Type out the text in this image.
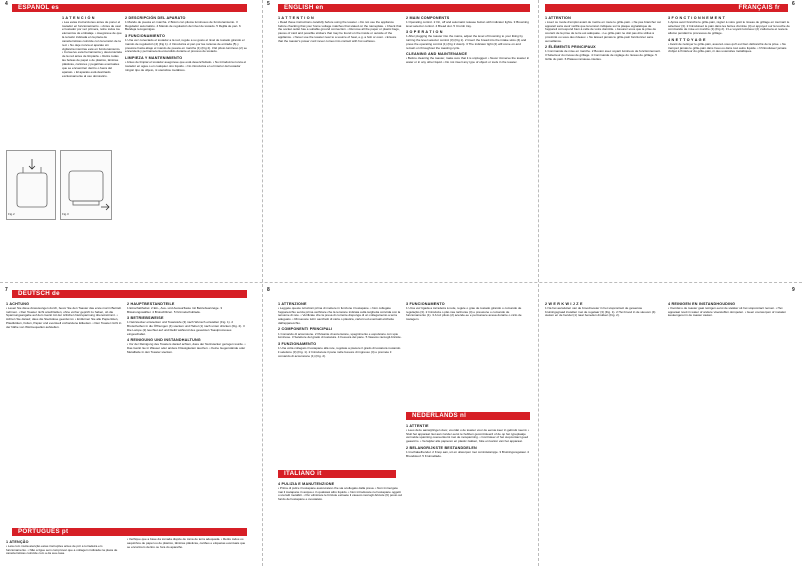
4	ESPAÑOL es	5	ENGLISH en	6
FRANÇAIS fr
Fig.2	Fig.3
1 A T E N C I Ó N
• Lea estas instrucciones antes de poner el tostador en funcionamiento. • Antes de usar el tostador por vez primera, retire todos los elementos de embalaje. • Asegúrese de que la tensión indicada en la placa de características coincide con la tensión de la red. • No deje nunca el aparato sin vigilancia mientras esté en funcionamiento. • Conserve esta herramienta y desconéctela de la red antes de limpiarla. • Retire todas las bolsas de papel o de plástico, láminas plásticas, cartones y pegatinas eventuales que se encuentren dentro o fuera del aparato. • El aparato está destinado exclusivamente al uso doméstico.
2 DESCRIPCIÓN DEL APARATO
1 Mando de puesta en marcha. 2 Botón con pilotos luminosos de funcionamiento. 3 Regulador automático. 4 Mando de regulación del nivel de tostado. 5 Rejilla de pan. 6 Bandeja recogemigas.
3 FUNCIONAMIENTO
1 Una vez conectado el tostador a la red, regule a su gusto el nivel de tostado girando el mando de regulación (4) (Fig 1). 2 Introduzca el pan por las ranuras de entrada (5) y presione hacia abajo el mando de puesta en marcha (1) (Fig 2). 3 El piloto luminoso (2) se encenderá y permanecerá encendido durante el proceso de tostado.
LIMPIEZA Y MANTENIMIENTO
• Antes de limpiar el tostador asegúrese que está desenchufado. • No introduzca nunca el tostador en agua o en cualquier otro líquido. • No introduzca en el interior del tostador ningún tipo de objeto, ni utensilios metálicos.
1 A T T E N T I O N
• Read these instructions carefully before using the toaster. • Do not use the appliance before checking that your home voltage matches that stated on the nameplate. • Check that the socket outlet has a suitable ground connection. • Remove all the paper or plastic bags, pieces of card and possible stickers that may be found on the inside or outside of the appliance. • Never use the toaster near to a source of heat, e.g. a hob or oven. • Ensure that the toaster's power cord never comes into contact with hot surfaces.
2 MAIN COMPONENTS
1 Operating control. 2 On, off and automatic release button with indicator lights. 3 Browning level selector control. 4 Bread slot. 5 Crumb tray.
3 O P E R A T I O N
1 After plugging the toaster into the mains, adjust the level of browning to your liking by turning the level selector control (3) (Fig 1). 2 Insert the bread into the intake slots (4) and press the operating control (1) (Fig 2 down). 3 The indicator light (2) will come on and remain on throughout the toasting cycle.
CLEANING AND MAINTENANCE
• Before cleaning the toaster, make sure that it is unplugged. • Never immerse the toaster in water or in any other liquid. • Do not insert any type of object or tools in the toaster.
1 ATTENTION
• Lisez ce mode d'emploi avant de mettre en route le grille-pain. • Ne pas brancher cet appareil sans avoir vérifié que la tension indiquée sur la plaque signalétique de l'appareil correspond bien à celle de votre domicile. • Assurez-vous que la prise de courant de la prise de terre est adéquate. • Le grille-pain ne doit pas être utilisé à proximité ou sous des rideaux. • Ne laissez jamais le grille-pain fonctionner sans surveillance.
2 ÉLÉMENTS PRINCIPAUX
1 Commande de mise en marche. 2 Bouton avec voyant lumineux de fonctionnement. 3 Sélecteur du niveau de grillage. 4 Commande de réglage du niveau de grillage. 5 Grille du pain. 6 Plateau ramasse-miettes.
3 F O N C T I O N N E M E N T
1 Après avoir branché le grille-pain, réglez à votre goût le niveau de grillage en tournant le sélecteur (3). 2 Introduisez le pain dans les fentes d'entrée (4) et appuyez sur la touche de commande de mise en marche (1) (Fig 2). 3 Le voyant lumineux (2) s'allumera et restera allumé pendant le processus de grillage.
4 N E T T O Y A G E
• Avant de nettoyer le grille-pain, assurez-vous qu'il est bien débranché de la prise. • Ne trempez jamais le grille-pain dans l'eau ou dans tout autre liquide. • N'introduisez jamais d'objet à l'intérieur du grille-pain, ni des ustensiles métalliques.
7	DEUTSCH de	8
ITALIANO it
9
NEDERLANDS nl
1 ACHTUNG
• Lesen Sie diese Anweisungen durch, bevor Sie den Toaster das erste mal in Betrieb nehmen. • Den Toaster nicht anschließen, ohne vorher geprüft zu haben, ob die Spannungsangabe auf dem Gerät mit der örtlichen Netzspannung übereinstimmt. • Achten Sie darauf, dass die Steckdose geerdet ist. • Entfernen Sie alle Papiertüten, Plastiktüten, Folien, Papier und eventuell vorhandene Etiketten. • Den Toaster nicht in der Nähe von Wärmequellen aufstellen.
2 HAUPTBESTANDTEILE
1 Einschalthebel. 2 Ein-, Aus- und Auswurftaste mit Betriebsanzeige. 3 Bräunungswähler. 4 Brotschlitzen. 5 Krümelschublade.
3 BETRIEBSWEISE
1 Netzstecker einstecken und Toaststufe (3) nach Wunsch einstellen (Fig. 1). 2 Brotscheiben in die Öffnungen (4) stecken und Hebel (1) nach unten drücken (Fig. 2). 3 Die Lampe (2) leuchtet auf und bleibt während des gesamten Toastprozesses eingeschaltet.
4 REINIGUNG UND INSTANDHALTUNG
• Vor der Reinigung des Toasters darauf achten, dass der Netzstecker gezogen wurde. • Das Gerät nie in Wasser oder andere Flüssigkeiten tauchen. • Keine Gegenstände oder Metallteile in den Toaster stecken.
1 ATTENZIONE
• Leggete queste istruzioni prima di mettere in funzione il tostapane. • Non collegate l'apparecchio senza prima verificare che la tensione indicata sulla targhetta coincida con la tensione di rete. • Verificate che la presa di corrente disponga di un collegamento a terra adeguato. • Rimuovete tutti i sacchetti di carta o plastica, cartoni ed eventuali etichette dall'apparecchio.
2 COMPONENTI PRINCIPALI
1 Comando di accensione. 2 Pulsante di accensione, spegnimento e espulsione con spie luminose. 3 Selettore del grado di tostatura. 4 Fessura del pane. 5 Vassoio raccogli-briciole.
3 FUNZIONAMENTO
1 Una volta collegato il tostapane alla rete, regolate a piacere il grado di tostatura ruotando il selettore (3) (Fig. 1). 2 Introducete il pane nelle fessure di ingresso (4) e premete il comando di accensione (1) (Fig. 2).
4 PULIZIA E MANUTENZIONE
• Prima di pulire il tostapane assicuratevi che sia scollegato dalla presa. • Non immergete mai il tostapane in acqua o in qualsiasi altro liquido. • Non introducete nel tostapane oggetti o utensili metallici. • Per eliminare le briciole estraete il vassoio raccogli-briciole (6) posto sul fondo del tostapane e svuotatelo.
3 FUNCIONAMENTO
1 Uma vez ligada a torradeira à rede, regule o grau de tostado girando o comando de regulação (3). 2 Introduza o pão nas ranhuras (4) e pressione o comando de funcionamento (1). 3 A luz piloto (2) acende-se e permanece acesa durante o ciclo de tostagem.
1 ATTENTIE
• Lees deze aanwijzingen door, voordat u de toaster voor de eerste keer in gebruik neemt. • Sluit het apparaat niet aan zonder eerst te hebben gecontroleerd of de op het typeplaatje vermelde spanning overeenkomt met de netspanning. • Controleer of het stopcontact goed geaard is. • Verwijder alle papieren en plastic zakken, folie en karton van het apparaat.
2 BELANGRIJKSTE BESTANDDELEN
1 Inschakelhendel. 2 Knop aan, uit en uitwerpen met controlelampje. 3 Bruiningsregelaar. 4 Broodsleuf. 5 Kruimellade.
2 W E R K W I J Z E
1 Na het aansluiten van de broodrooster in het stopcontact de gewenste bruiningsgraad instellen met de regelaar (3) (Fig. 1). 2 Het brood in de sleuven (4) steken en de hendel (1) naar beneden drukken (Fig. 2).
4 REINIGEN EN INSTANDHOUDING
• Voordat u de toaster gaat reinigen eerst de stekker uit het stopcontact nemen. • Het apparaat nooit in water of andere vloeistoffen dompelen. • Geen voorwerpen of metalen keukengerei in de toaster steken.
PORTUGUÊS pt
1 ATENÇÃO
• Leia com muita atenção estas instruções antes de pôr a torradeira em funcionamento. • Não a ligue sem comprovar que a voltagem indicada na placa de características coincide com a da sua casa.
• Verifique que a base da tomada dispõe de toma de terra adequada. • Retire todos os saquinhos de papel ou de plástico, lâminas plásticas, cartões e etiquetas eventuais que se encontrem dentro ou fora do aparelho.
